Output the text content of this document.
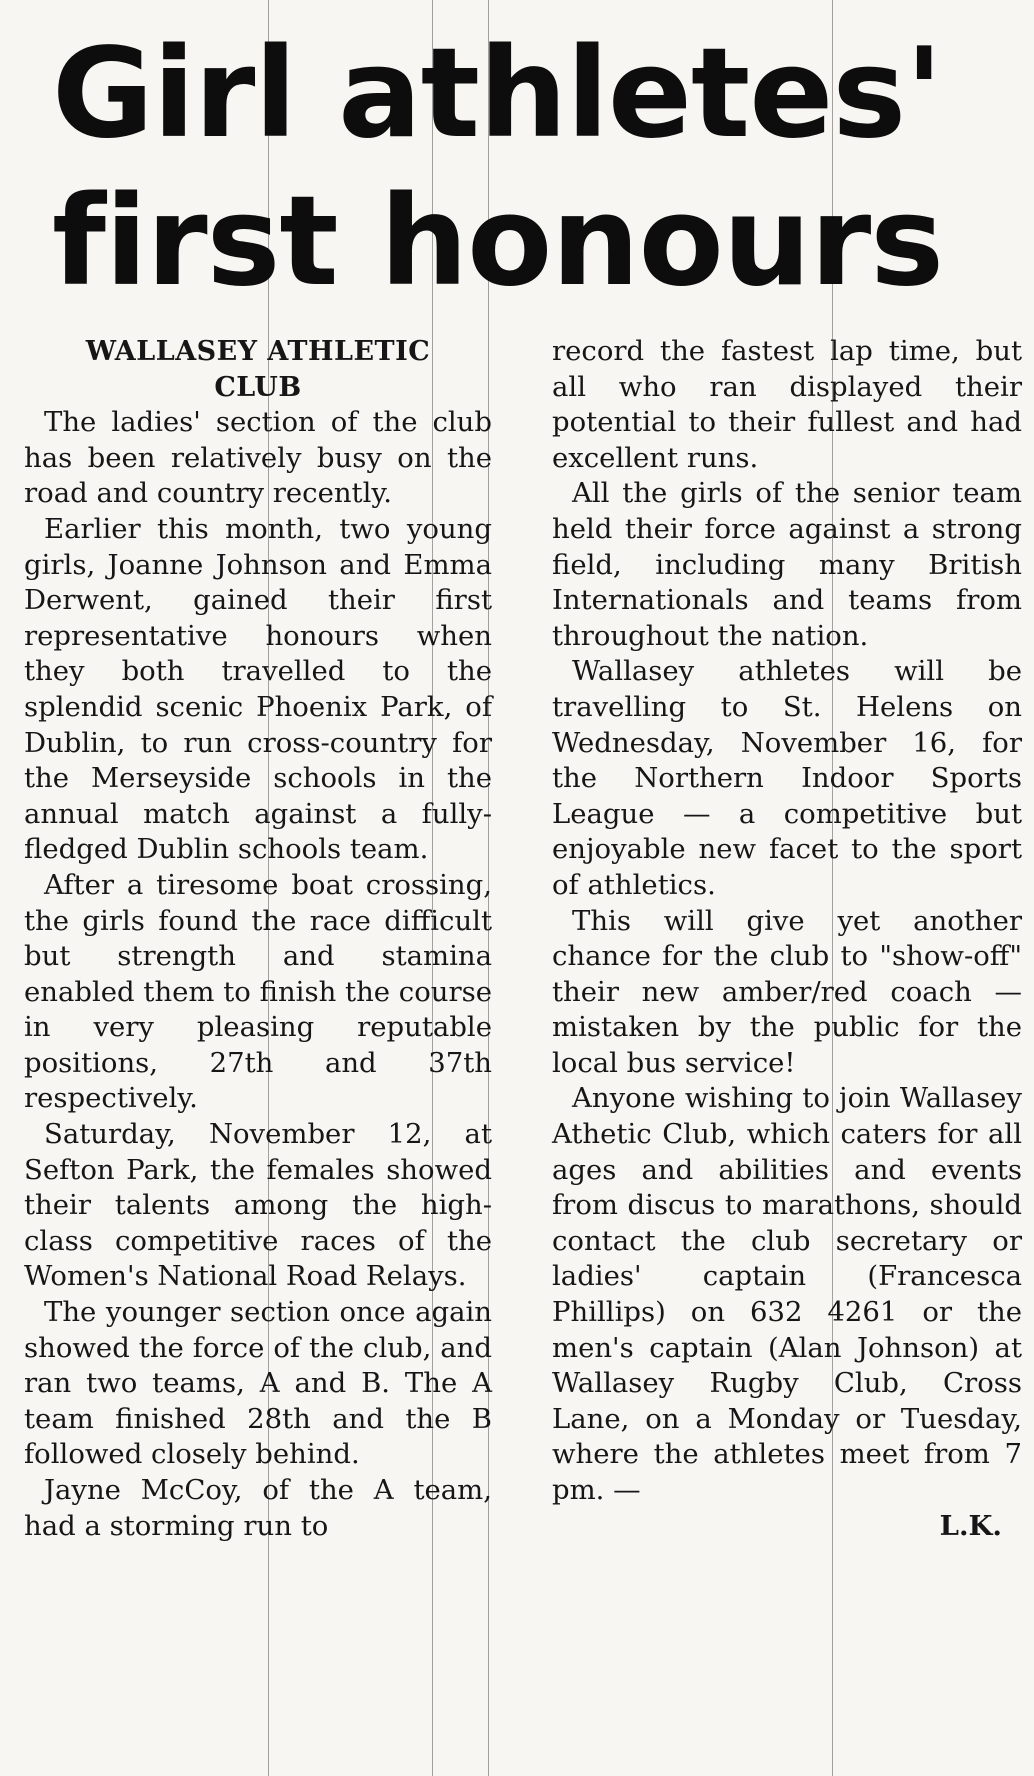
Girl athletes'
first honours

WALLASEY ATHLETIC

CLUB

The ladies' section of the club has been relatively busy on the road and country recently.

Earlier this month, two young girls, Joanne Johnson and Emma Derwent, gained their first representative honours when they both travelled to the splendid scenic Phoenix Park, of Dublin, to run cross-country for the Merseyside schools in the annual match against a fully-fledged Dublin schools team.

After a tiresome boat crossing, the girls found the race difficult but strength and stamina enabled them to finish the course in very pleasing reputable positions, 27th and 37th respectively.

Saturday, November 12, at Sefton Park, the females showed their talents among the high-class competitive races of the Women's National Road Relays.

The younger section once again showed the force of the club, and ran two teams, A and B. The A team finished 28th and the B followed closely behind.

Jayne McCoy, of the A team, had a storming run to

record the fastest lap time, but all who ran displayed their potential to their fullest and had excellent runs.

All the girls of the senior team held their force against a strong field, including many British Internationals and teams from throughout the nation.

Wallasey athletes will be travelling to St. Helens on Wednesday, November 16, for the Northern Indoor Sports League — a competitive but enjoyable new facet to the sport of athletics.

This will give yet another chance for the club to "show-off" their new amber/red coach — mistaken by the public for the local bus service!

Anyone wishing to join Wallasey Athetic Club, which caters for all ages and abilities and events from discus to marathons, should contact the club secretary or ladies' captain (Francesca Phillips) on 632 4261 or the men's captain (Alan Johnson) at Wallasey Rugby Club, Cross Lane, on a Monday or Tuesday, where the athletes meet from 7 pm. —

L.K.
